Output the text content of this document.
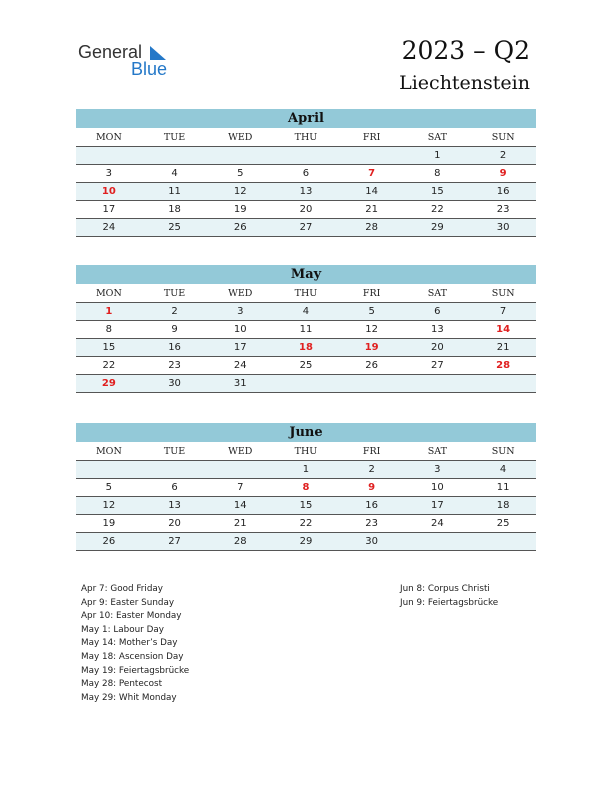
General
Blue
2023 – Q2
Liechtenstein
April
MON	TUE	WED	THU	FRI	SAT	SUN
					1	2
3	4	5	6	7	8	9
10	11	12	13	14	15	16
17	18	19	20	21	22	23
24	25	26	27	28	29	30
May
MON	TUE	WED	THU	FRI	SAT	SUN
1	2	3	4	5	6	7
8	9	10	11	12	13	14
15	16	17	18	19	20	21
22	23	24	25	26	27	28
29	30	31				
June
MON	TUE	WED	THU	FRI	SAT	SUN
			1	2	3	4
5	6	7	8	9	10	11
12	13	14	15	16	17	18
19	20	21	22	23	24	25
26	27	28	29	30		
Apr 7: Good Friday
Apr 9: Easter Sunday
Apr 10: Easter Monday
May 1: Labour Day
May 14: Mother’s Day
May 18: Ascension Day
May 19: Feiertagsbrücke
May 28: Pentecost
May 29: Whit Monday
Jun 8: Corpus Christi
Jun 9: Feiertagsbrücke
